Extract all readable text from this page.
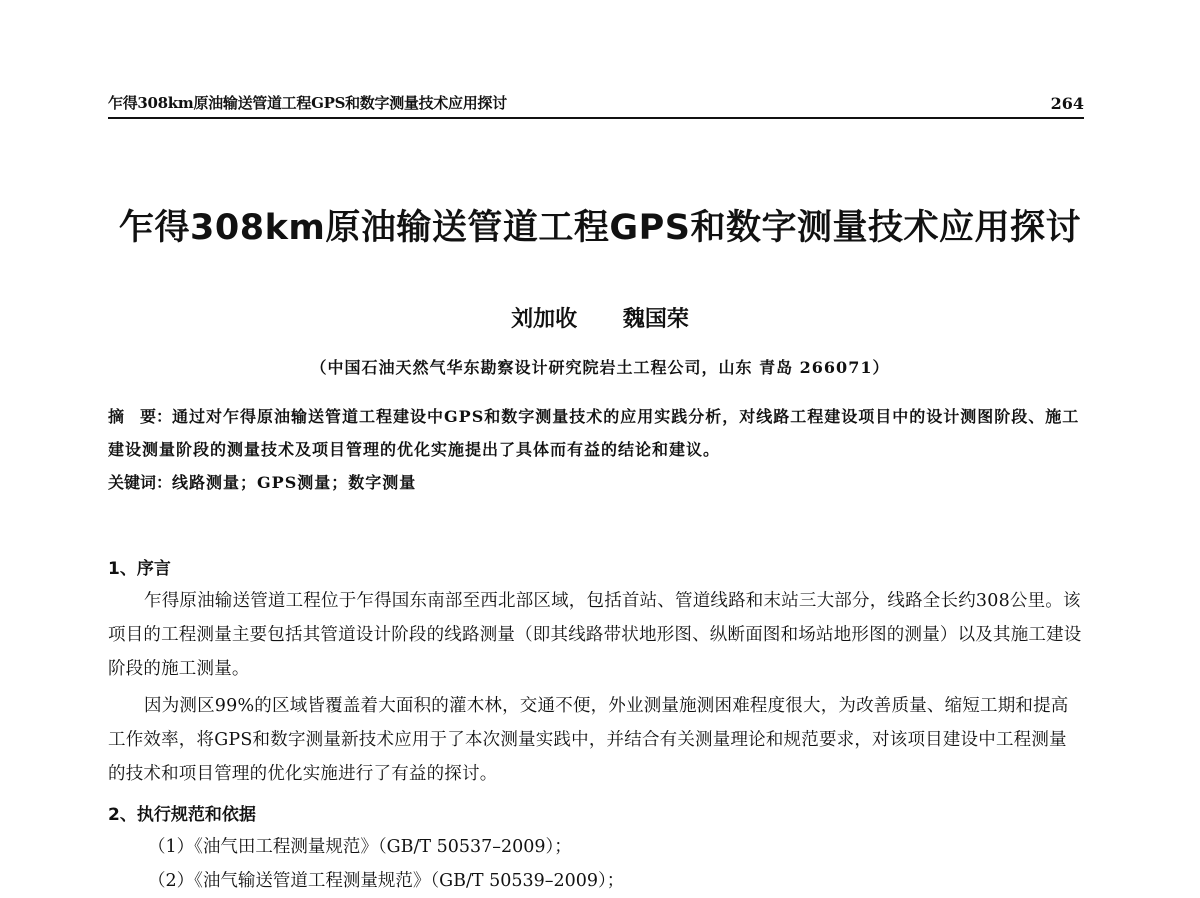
乍得308km原油输送管道工程GPS和数字测量技术应用探讨	264
乍得308km原油输送管道工程GPS和数字测量技术应用探讨
刘加收 魏国荣
（中国石油天然气华东勘察设计研究院岩土工程公司，山东 青岛 266071）
摘　要：通过对乍得原油输送管道工程建设中GPS和数字测量技术的应用实践分析，对线路工程建设项目中的设计测图阶段、施工建设测量阶段的测量技术及项目管理的优化实施提出了具体而有益的结论和建议。
关键词：线路测量；GPS测量；数字测量
1、序言
乍得原油输送管道工程位于乍得国东南部至西北部区域，包括首站、管道线路和末站三大部分，线路全长约308公里。该项目的工程测量主要包括其管道设计阶段的线路测量（即其线路带状地形图、纵断面图和场站地形图的测量）以及其施工建设阶段的施工测量。
因为测区99%的区域皆覆盖着大面积的灌木林，交通不便，外业测量施测困难程度很大，为改善质量、缩短工期和提高工作效率，将GPS和数字测量新技术应用于了本次测量实践中，并结合有关测量理论和规范要求，对该项目建设中工程测量的技术和项目管理的优化实施进行了有益的探讨。
2、执行规范和依据
（1）《油气田工程测量规范》（GB/T 50537–2009）；
（2）《油气输送管道工程测量规范》（GB/T 50539–2009）；
